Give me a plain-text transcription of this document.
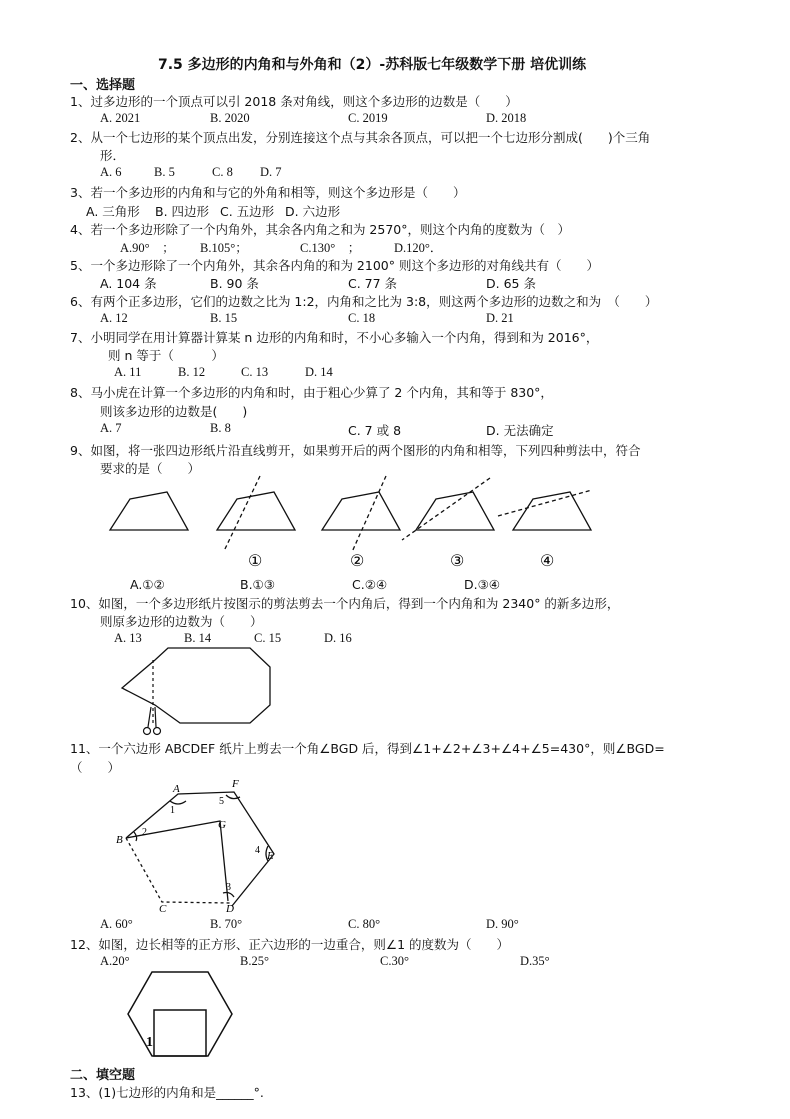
7.5 多边形的内角和与外角和（2）-苏科版七年级数学下册 培优训练
一、选择题
1、过多边形的一个顶点可以引 2018 条对角线，则这个多边形的边数是（　　）
A. 2021	B. 2020	C. 2019	D. 2018
2、从一个七边形的某个顶点出发，分别连接这个点与其余各顶点，可以把一个七边形分割成(　　)个三角
形．
A. 6	B. 5	C. 8 D. 7
3、若一个多边形的内角和与它的外角和相等，则这个多边形是（　　）
A. 三角形 B. 四边形 C. 五边形 D. 六边形
4、若一个多边形除了一个内角外，其余各内角之和为 2570°，则这个内角的度数为（　）
A.90°　； B.105°；	C.130°　；	D.120°．
5、一个多边形除了一个内角外，其余各内角的和为 2100° 则这个多边形的对角线共有（　　）
A. 104 条	B. 90 条	C. 77 条	D. 65 条
6、有两个正多边形，它们的边数之比为 1:2，内角和之比为 3:8，则这两个多边形的边数之和为　（　　）
A. 12	B. 15	C. 18	D. 21
7、小明同学在用计算器计算某 n 边形的内角和时，不小心多输入一个内角，得到和为 2016°，
则 n 等于（　　　）
A. 11	B. 12	C. 13	D. 14
8、马小虎在计算一个多边形的内角和时，由于粗心少算了 2 个内角，其和等于 830°，
则该多边形的边数是(　　)
A. 7	B. 8	C. 7 或 8	D. 无法确定
9、如图，将一张四边形纸片沿直线剪开，如果剪开后的两个图形的内角和相等，下列四种剪法中，符合
要求的是（　　）
①	②	③	④
A.①②	B.①③	C.②④	D.③④
10、如图，一个多边形纸片按图示的剪法剪去一个内角后，得到一个内角和为 2340° 的新多边形，
则原多边形的边数为（　　）
A. 13	B. 14	C. 15	D. 16
11、一个六边形 ABCDEF 纸片上剪去一个角∠BGD 后，得到∠1+∠2+∠3+∠4+∠5=430°，则∠BGD=
（　　）
A	F
B
G
E
C	D
1
2
3
4
5
A. 60°	B. 70°	C. 80°	D. 90°
12、如图，边长相等的正方形、正六边形的一边重合，则∠1 的度数为（　　）
A.20°	B.25°	C.30°	D.35°
1
二、填空题
13、(1)七边形的内角和是______°.
